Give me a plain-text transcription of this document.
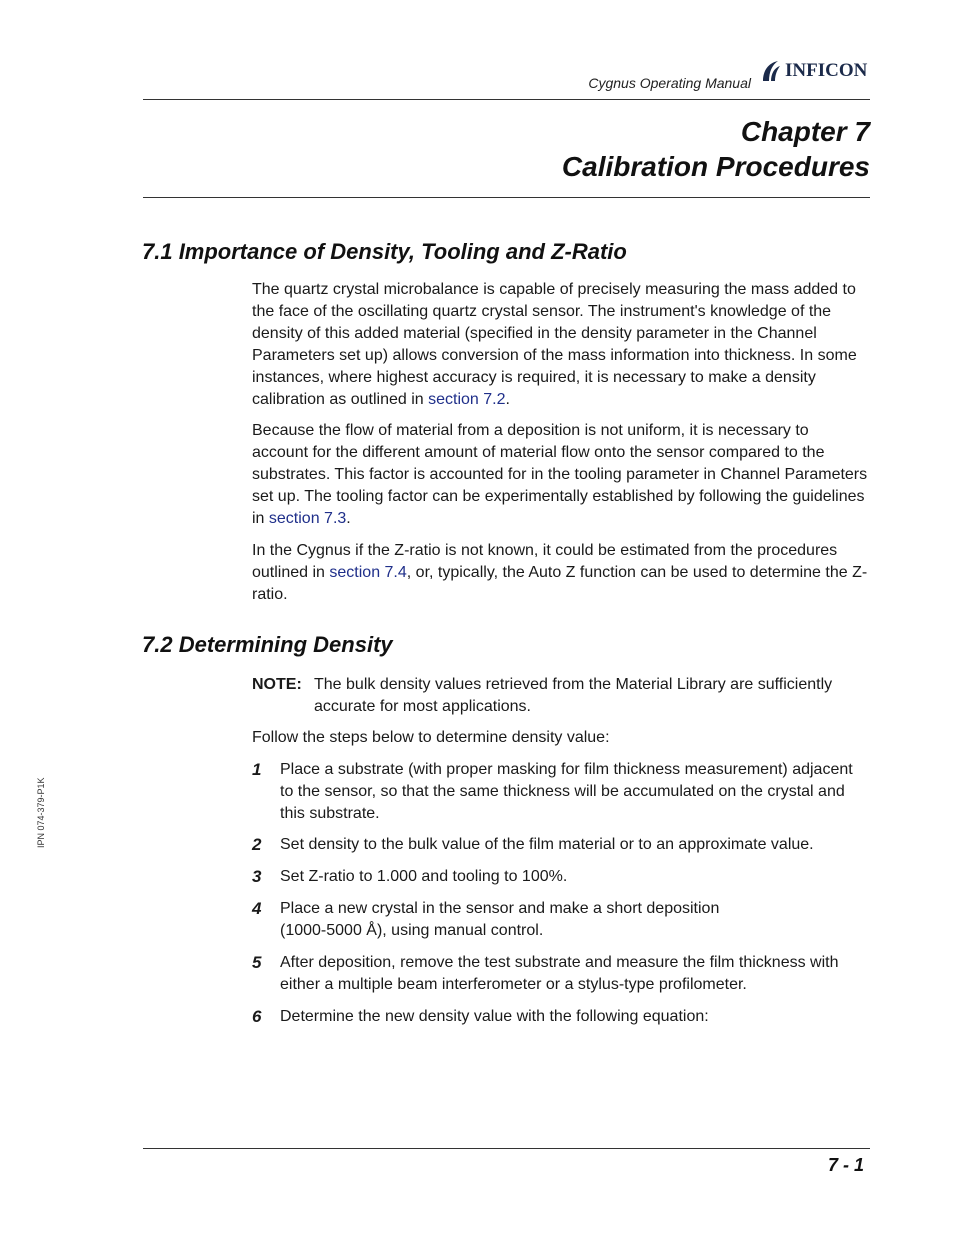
Cygnus Operating Manual
INFICON
Chapter 7
Calibration Procedures
7.1 Importance of Density, Tooling and Z-Ratio

The quartz crystal microbalance is capable of precisely measuring the mass added to the face of the oscillating quartz crystal sensor. The instrument's knowledge of the density of this added material (specified in the density parameter in the Channel Parameters set up) allows conversion of the mass information into thickness. In some instances, where highest accuracy is required, it is necessary to make a density calibration as outlined in section 7.2.

Because the flow of material from a deposition is not uniform, it is necessary to account for the different amount of material flow onto the sensor compared to the substrates. This factor is accounted for in the tooling parameter in Channel Parameters set up. The tooling factor can be experimentally established by following the guidelines in section 7.3.

In the Cygnus if the Z-ratio is not known, it could be estimated from the procedures outlined in section 7.4, or, typically, the Auto Z function can be used to determine the Z-ratio.

7.2 Determining Density
NOTE: The bulk density values retrieved from the Material Library are sufficiently accurate for most applications.
Follow the steps below to determine density value:
1	Place a substrate (with proper masking for film thickness measurement) adjacent to the sensor, so that the same thickness will be accumulated on the crystal and this substrate.
2	Set density to the bulk value of the film material or to an approximate value.
3	Set Z-ratio to 1.000 and tooling to 100%.
4	Place a new crystal in the sensor and make a short deposition (1000-5000 Å), using manual control.
5	After deposition, remove the test substrate and measure the film thickness with either a multiple beam interferometer or a stylus-type profilometer.
6	Determine the new density value with the following equation:
IPN 074-379-P1K
7 - 1
